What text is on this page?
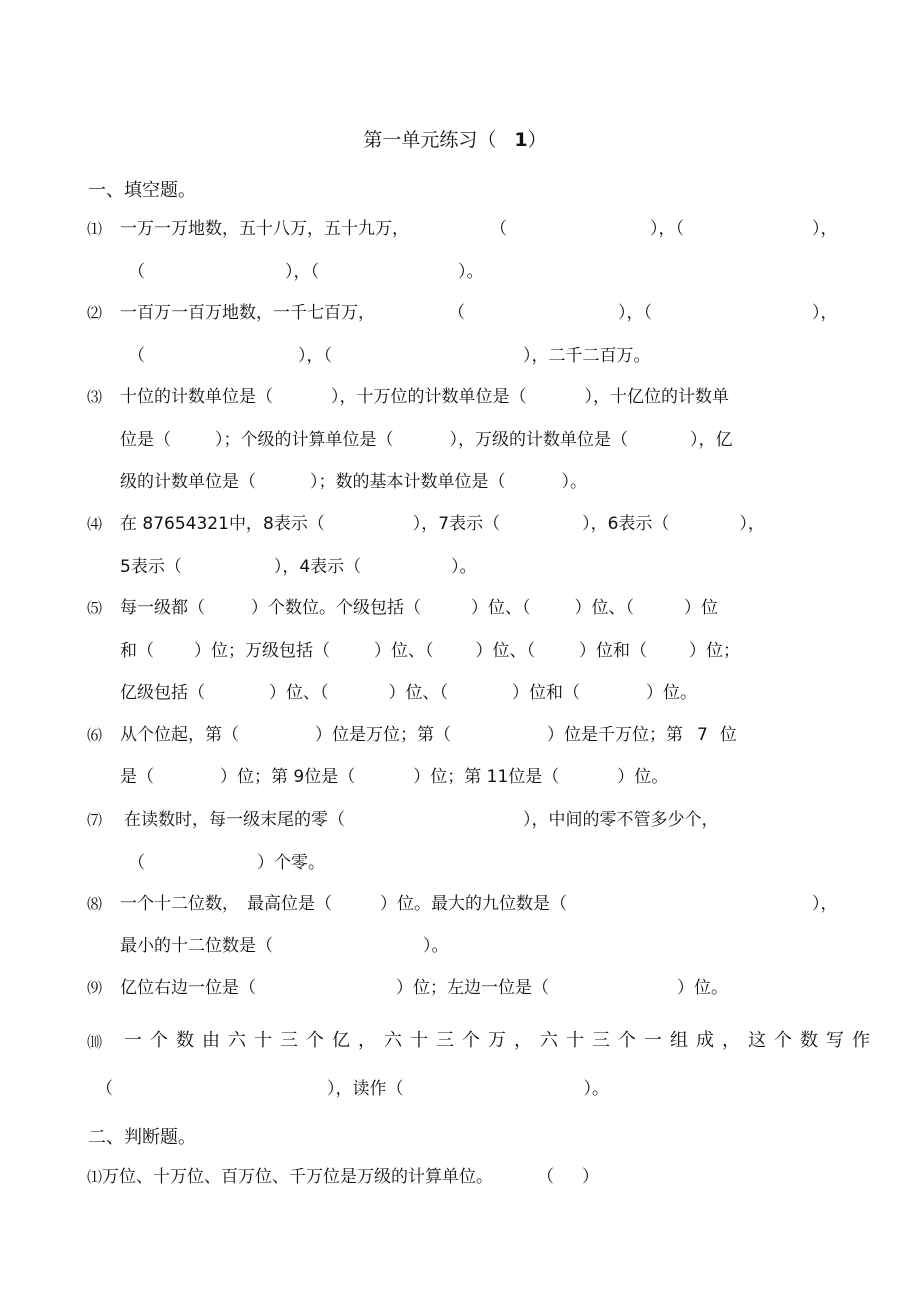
第一单元练习（ 1）
一、填空题。
⑴ 一万一万地数，五十八万，五十九万，	（	），（	），
（	），（	）。
⑵ 一百万一百万地数，一千七百万，	（	），（	），
（	），（	），二千二百万。
⑶ 十位的计数单位是（	），十万位的计数单位是（	），十亿位的计数单
位是（	）；个级的计算单位是（	），万级的计数单位是（	），亿
级的计数单位是（	）；数的基本计数单位是（	）。
⑷ 在 87654321中，8表示（	），7表示（	），6表示（	），
5表示（	），4表示（	）。
⑸ 每一级都（	）个数位。个级包括（	）位、（	）位、（	）位
和（ ）位；万级包括（	）位、（ ）位、（	）位和（ ）位；
亿级包括（	）位、（	）位、（	）位和（	）位。
⑹ 从个位起，第（	）位是万位；第（	）位是千万位；第 7 位
是（	）位；第 9位是（	）位；第 11位是（	）位。
⑺ 在读数时，每一级末尾的零（	），中间的零不管多少个，
（	）个零。
⑻ 一个十二位数， 最高位是（	）位。最大的九位数是（	），
最小的十二位数是（	）。
⑼ 亿位右边一位是（	）位；左边一位是（	）位。
⑽ 一个数由六十三个亿，六十三个万，六十三个一组成，这个数写作
（	），读作（	）。
二、判断题。
⑴万位、十万位、百万位、千万位是万级的计算单位。	（ ）
